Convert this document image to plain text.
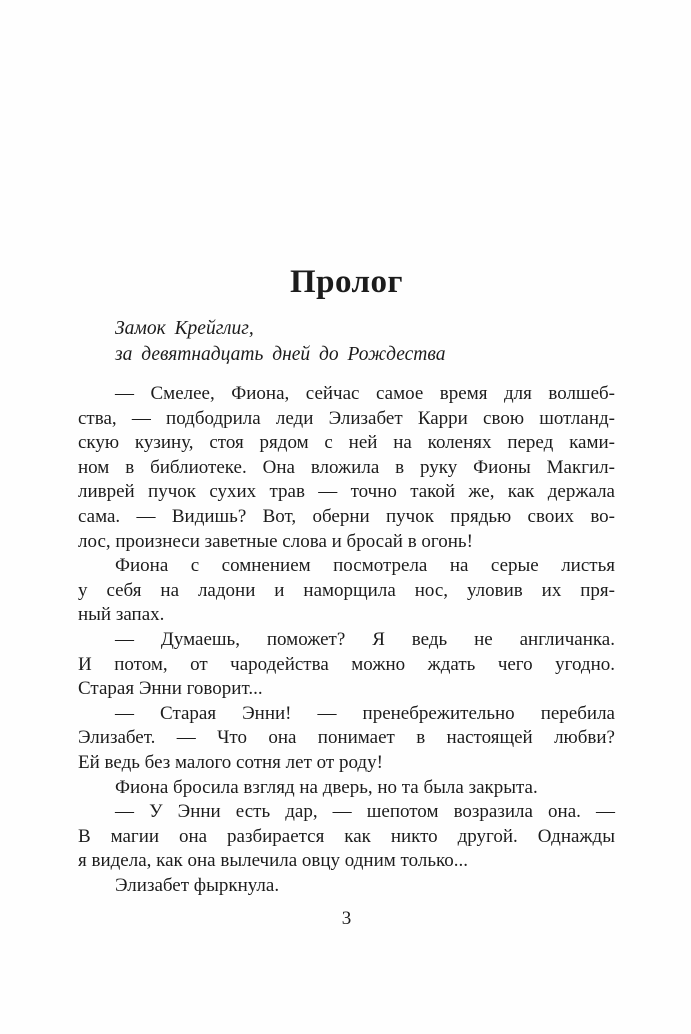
Пролог
Замок Крейглиг,
за девятнадцать дней до Рождества
— Смелее, Фиона, сейчас самое время для волшеб-
ства, — подбодрила леди Элизабет Карри свою шотланд-
скую кузину, стоя рядом с ней на коленях перед ками-
ном в библиотеке. Она вложила в руку Фионы Макгил-
ливрей пучок сухих трав — точно такой же, как держала
сама. — Видишь? Вот, оберни пучок прядью своих во-
лос, произнеси заветные слова и бросай в огонь!
Фиона с сомнением посмотрела на серые листья
у себя на ладони и наморщила нос, уловив их пря-
ный запах.
— Думаешь, поможет? Я ведь не англичанка.
И потом, от чародейства можно ждать чего угодно.
Старая Энни говорит...
— Старая Энни! — пренебрежительно перебила
Элизабет. — Что она понимает в настоящей любви?
Ей ведь без малого сотня лет от роду!
Фиона бросила взгляд на дверь, но та была закрыта.
— У Энни есть дар, — шепотом возразила она. —
В магии она разбирается как никто другой. Однажды
я видела, как она вылечила овцу одним только...
Элизабет фыркнула.
3
